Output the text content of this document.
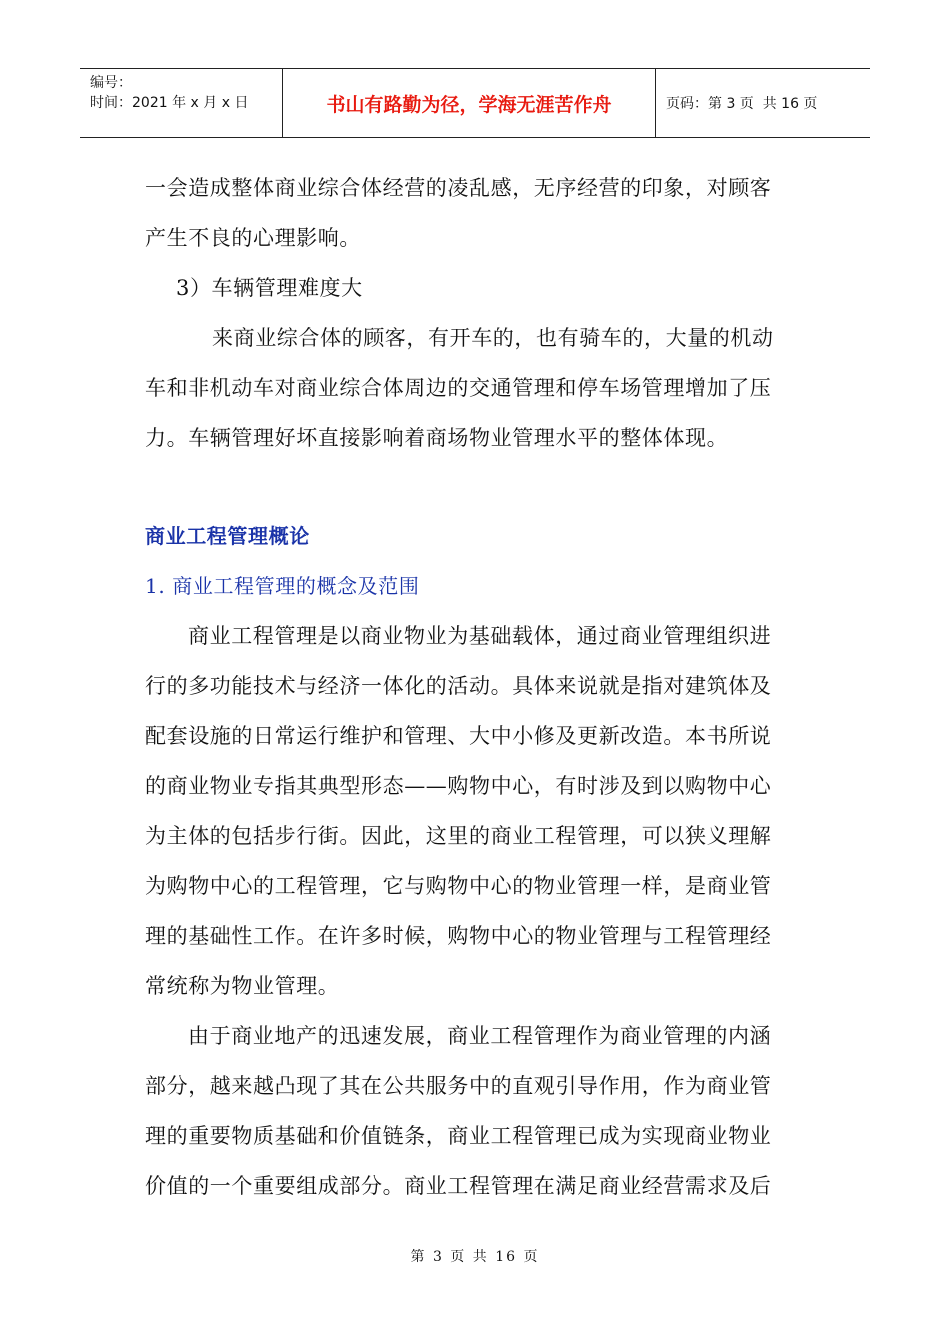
编号：
时间：2021 年 x 月 x 日	书山有路勤为径，学海无涯苦作舟	页码：第 3 页  共 16 页
一会造成整体商业综合体经营的凌乱感，无序经营的印象，对顾客
产生不良的心理影响。
3）车辆管理难度大
来商业综合体的顾客，有开车的，也有骑车的，大量的机动
车和非机动车对商业综合体周边的交通管理和停车场管理增加了压
力。车辆管理好坏直接影响着商场物业管理水平的整体体现。
商业工程管理概论
1. 商业工程管理的概念及范围
商业工程管理是以商业物业为基础载体，通过商业管理组织进
行的多功能技术与经济一体化的活动。具体来说就是指对建筑体及
配套设施的日常运行维护和管理、大中小修及更新改造。本书所说
的商业物业专指其典型形态——购物中心，有时涉及到以购物中心
为主体的包括步行街。因此，这里的商业工程管理，可以狭义理解
为购物中心的工程管理，它与购物中心的物业管理一样，是商业管
理的基础性工作。在许多时候，购物中心的物业管理与工程管理经
常统称为物业管理。
由于商业地产的迅速发展，商业工程管理作为商业管理的内涵
部分，越来越凸现了其在公共服务中的直观引导作用，作为商业管
理的重要物质基础和价值链条，商业工程管理已成为实现商业物业
价值的一个重要组成部分。商业工程管理在满足商业经营需求及后
第 3 页 共 16 页
